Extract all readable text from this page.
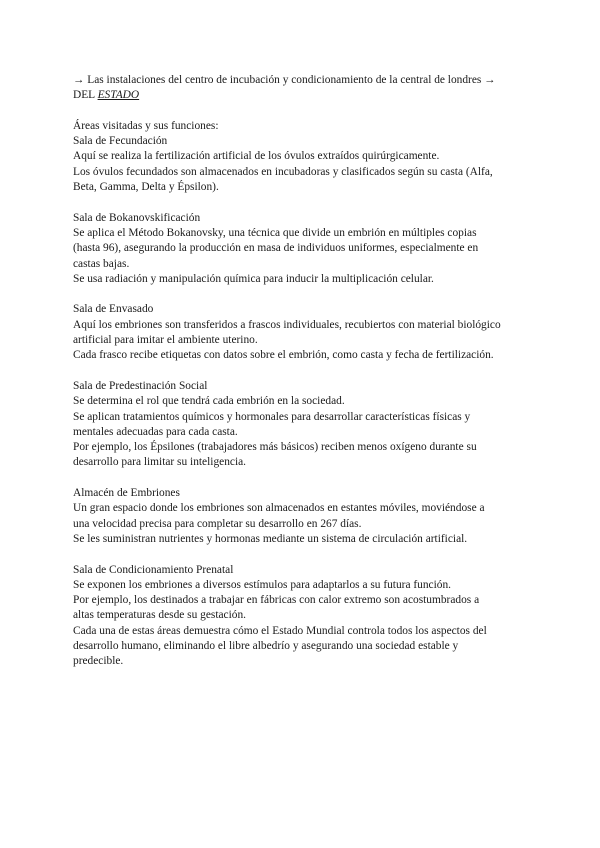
→ Las instalaciones del centro de incubación y condicionamiento de la central de londres →
DEL ESTADO
Áreas visitadas y sus funciones:
Sala de Fecundación
Aquí se realiza la fertilización artificial de los óvulos extraídos quirúrgicamente.
Los óvulos fecundados son almacenados en incubadoras y clasificados según su casta (Alfa,
Beta, Gamma, Delta y Épsilon).
Sala de Bokanovskificación
Se aplica el Método Bokanovsky, una técnica que divide un embrión en múltiples copias
(hasta 96), asegurando la producción en masa de individuos uniformes, especialmente en
castas bajas.
Se usa radiación y manipulación química para inducir la multiplicación celular.
Sala de Envasado
Aquí los embriones son transferidos a frascos individuales, recubiertos con material biológico
artificial para imitar el ambiente uterino.
Cada frasco recibe etiquetas con datos sobre el embrión, como casta y fecha de fertilización.
Sala de Predestinación Social
Se determina el rol que tendrá cada embrión en la sociedad.
Se aplican tratamientos químicos y hormonales para desarrollar características físicas y
mentales adecuadas para cada casta.
Por ejemplo, los Épsilones (trabajadores más básicos) reciben menos oxígeno durante su
desarrollo para limitar su inteligencia.
Almacén de Embriones
Un gran espacio donde los embriones son almacenados en estantes móviles, moviéndose a
una velocidad precisa para completar su desarrollo en 267 días.
Se les suministran nutrientes y hormonas mediante un sistema de circulación artificial.
Sala de Condicionamiento Prenatal
Se exponen los embriones a diversos estímulos para adaptarlos a su futura función.
Por ejemplo, los destinados a trabajar en fábricas con calor extremo son acostumbrados a
altas temperaturas desde su gestación.
Cada una de estas áreas demuestra cómo el Estado Mundial controla todos los aspectos del
desarrollo humano, eliminando el libre albedrío y asegurando una sociedad estable y
predecible.
